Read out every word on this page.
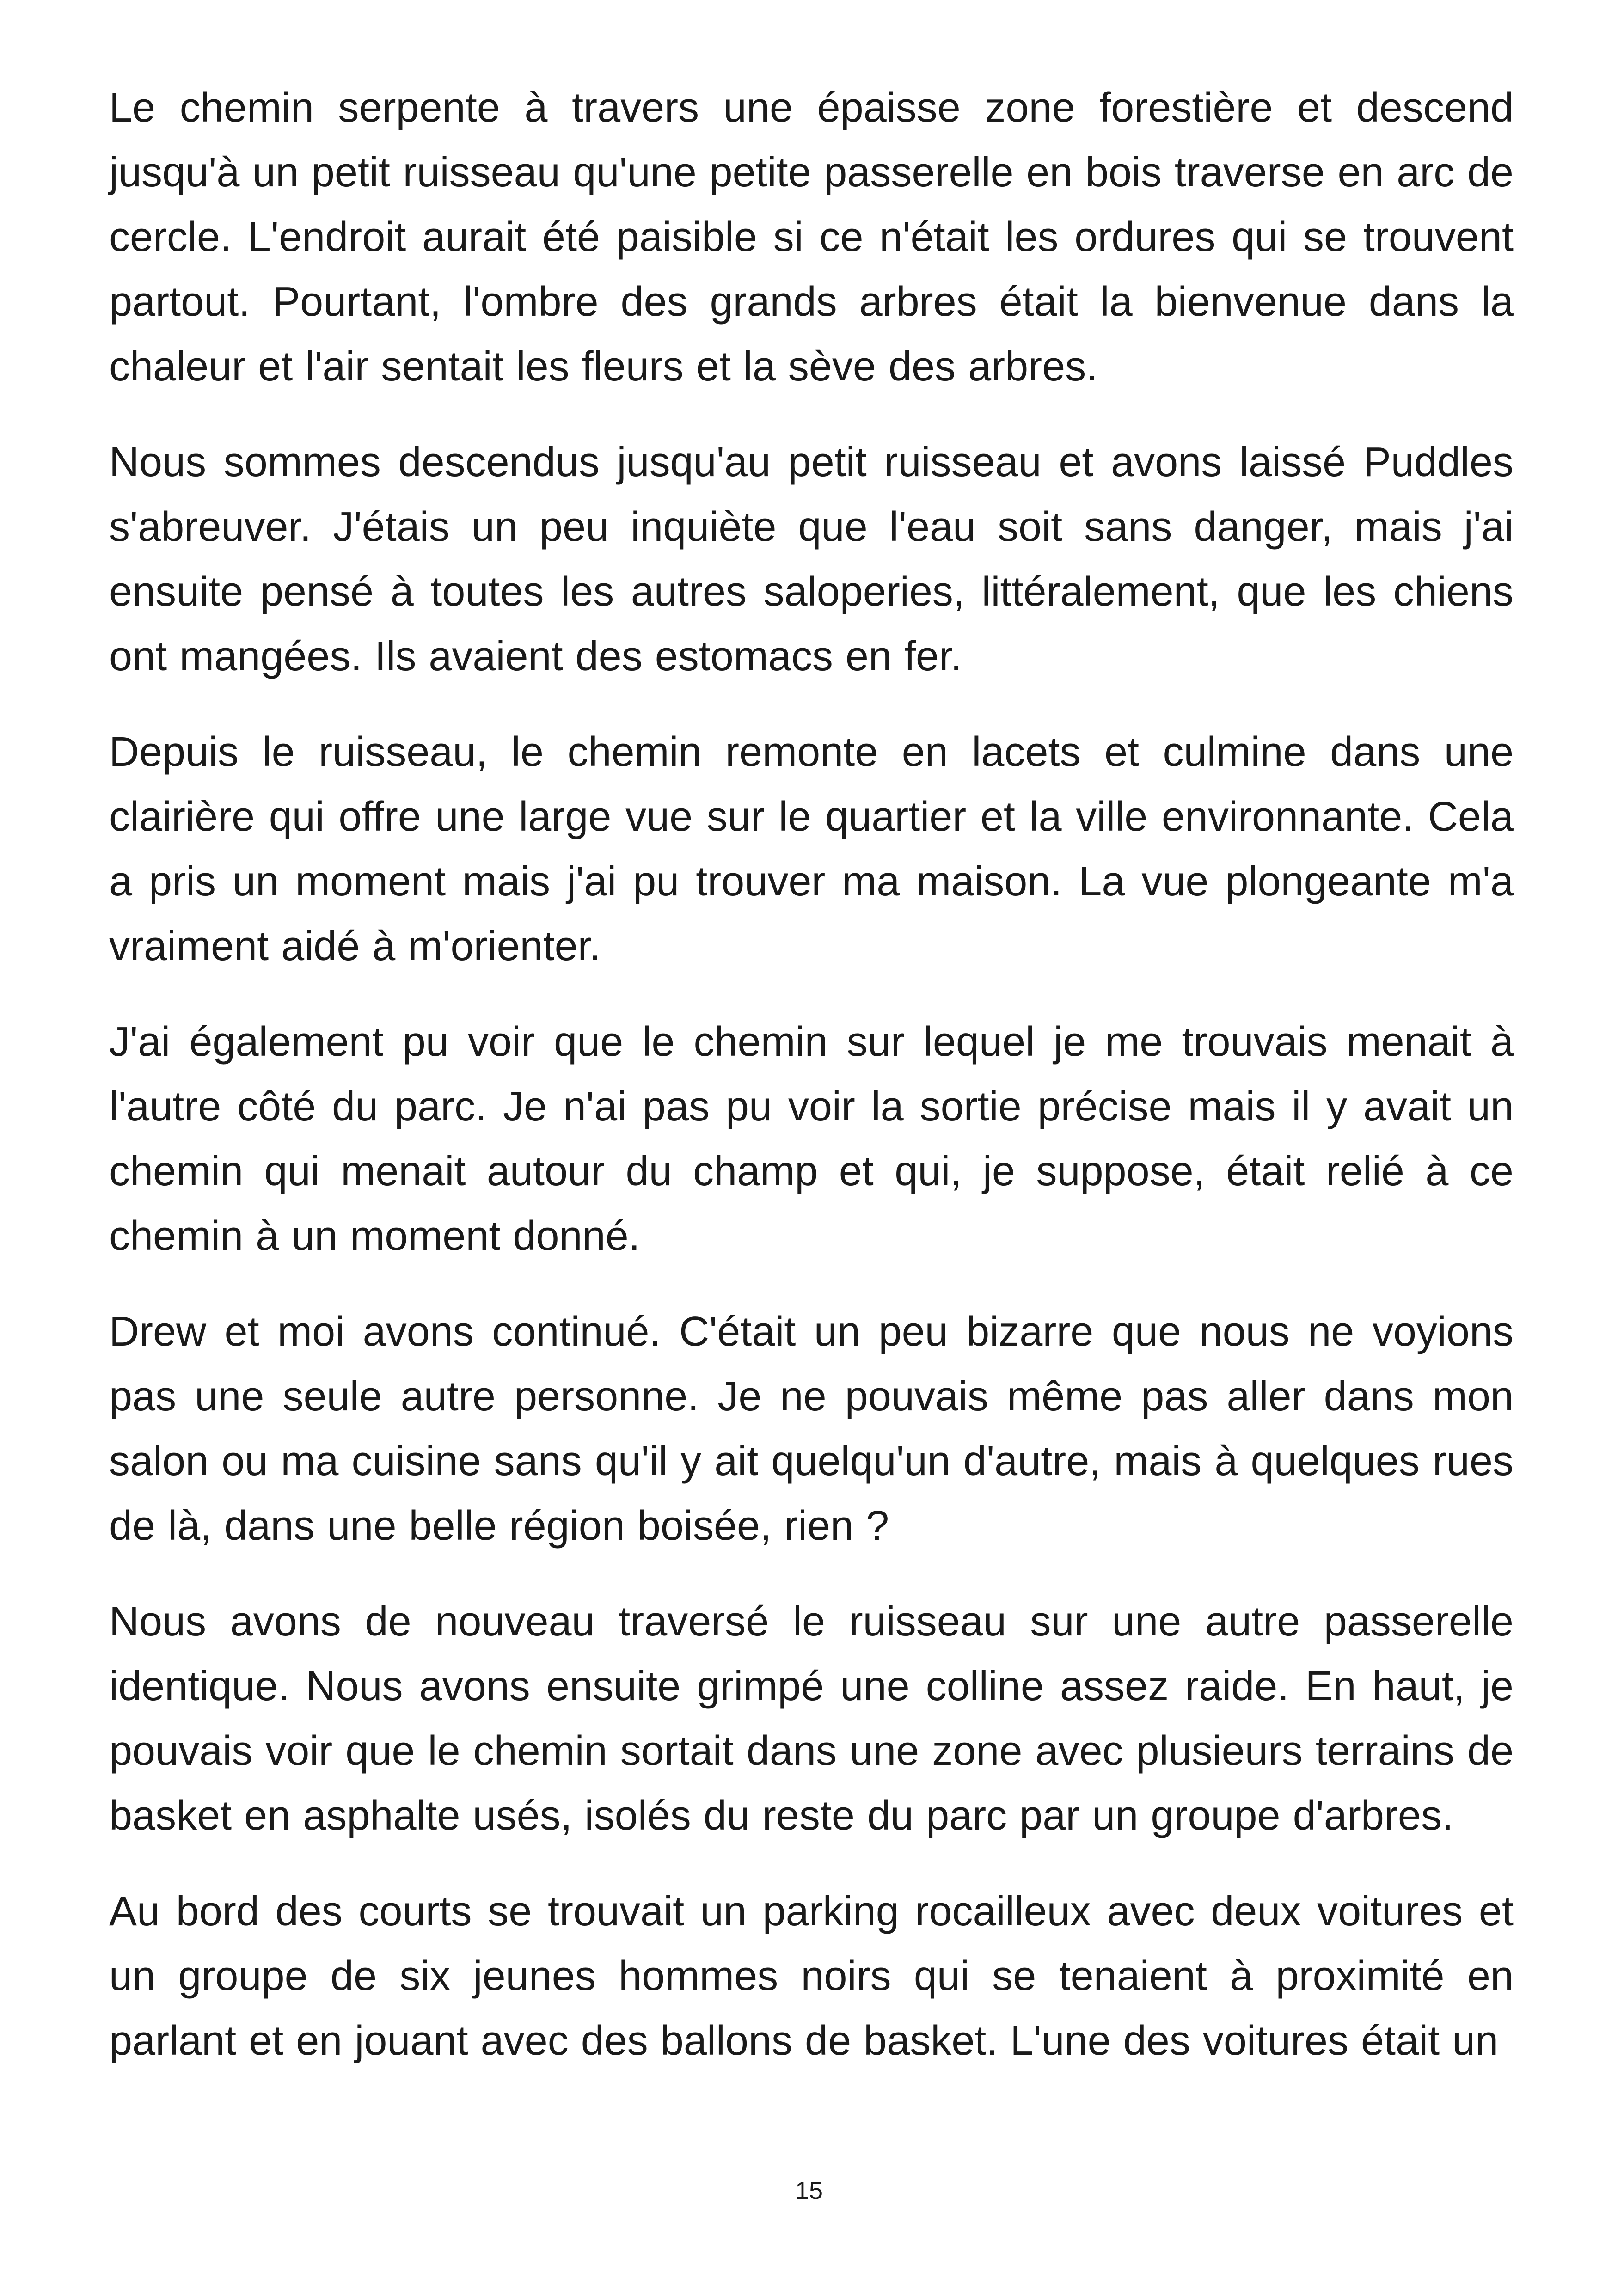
Le chemin serpente à travers une épaisse zone forestière et descend jusqu'à un petit ruisseau qu'une petite passerelle en bois traverse en arc de cercle. L'endroit aurait été paisible si ce n'était les ordures qui se trouvent partout. Pourtant, l'ombre des grands arbres était la bienvenue dans la chaleur et l'air sentait les fleurs et la sève des arbres.

Nous sommes descendus jusqu'au petit ruisseau et avons laissé Puddles s'abreuver. J'étais un peu inquiète que l'eau soit sans danger, mais j'ai ensuite pensé à toutes les autres saloperies, littéralement, que les chiens ont mangées. Ils avaient des estomacs en fer.

Depuis le ruisseau, le chemin remonte en lacets et culmine dans une clairière qui offre une large vue sur le quartier et la ville environnante. Cela a pris un moment mais j'ai pu trouver ma maison. La vue plongeante m'a vraiment aidé à m'orienter.

J'ai également pu voir que le chemin sur lequel je me trouvais menait à l'autre côté du parc. Je n'ai pas pu voir la sortie précise mais il y avait un chemin qui menait autour du champ et qui, je suppose, était relié à ce chemin à un moment donné.

Drew et moi avons continué. C'était un peu bizarre que nous ne voyions pas une seule autre personne. Je ne pouvais même pas aller dans mon salon ou ma cuisine sans qu'il y ait quelqu'un d'autre, mais à quelques rues de là, dans une belle région boisée, rien ?

Nous avons de nouveau traversé le ruisseau sur une autre passerelle identique. Nous avons ensuite grimpé une colline assez raide. En haut, je pouvais voir que le chemin sortait dans une zone avec plusieurs terrains de basket en asphalte usés, isolés du reste du parc par un groupe d'arbres.

Au bord des courts se trouvait un parking rocailleux avec deux voitures et un groupe de six jeunes hommes noirs qui se tenaient à proximité en parlant et en jouant avec des ballons de basket. L'une des voitures était un

15
